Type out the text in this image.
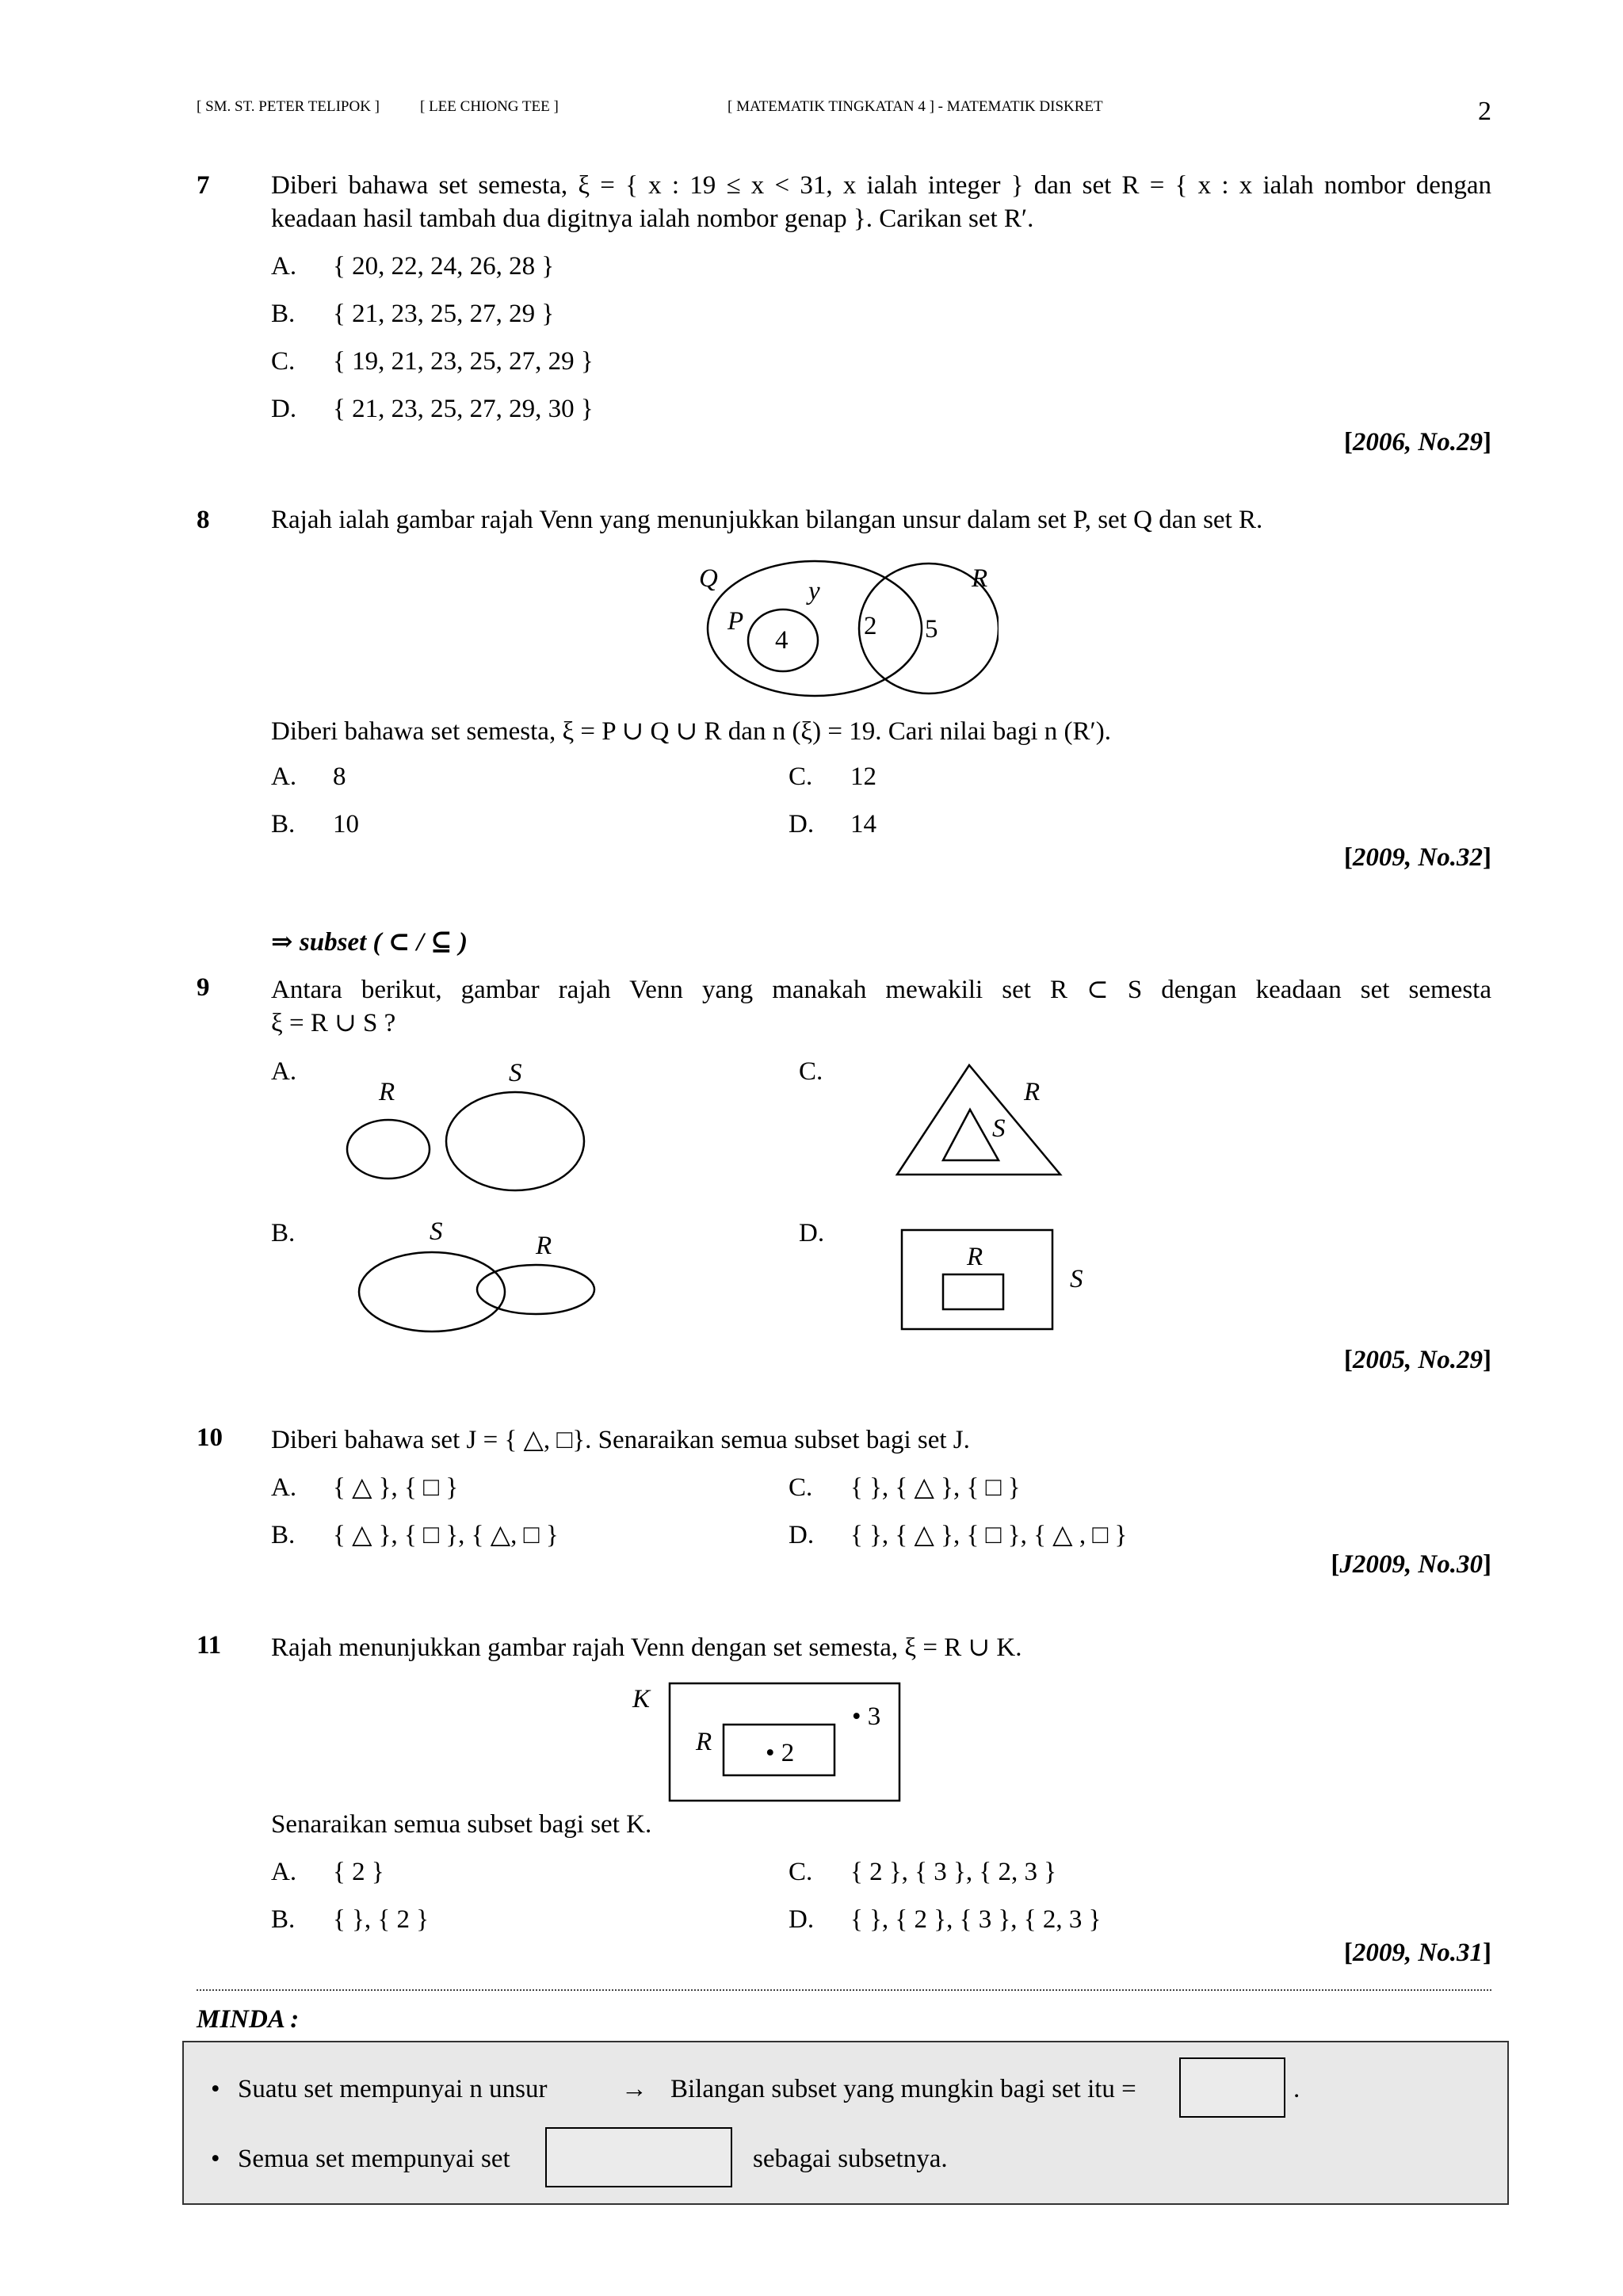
[ SM. ST. PETER TELIPOK ]	[ LEE CHIONG TEE ]	[ MATEMATIK TINGKATAN 4 ] - MATEMATIK DISKRET	2
7 Diberi bahawa set semesta, ξ = { x : 19 ≤ x < 31, x ialah integer } dan set R = { x : x ialah nombor dengan
keadaan hasil tambah dua digitnya ialah nombor genap }. Carikan set R′.
A. { 20, 22, 24, 26, 28 }
B. { 21, 23, 25, 27, 29 }
C. { 19, 21, 23, 25, 27, 29 }
D. { 21, 23, 25, 27, 29, 30 }
[2006, No.29]
8 Rajah ialah gambar rajah Venn yang menunjukkan bilangan unsur dalam set P, set Q dan set R.
Q	R
y
P
4	2 5
Diberi bahawa set semesta, ξ = P ∪ Q ∪ R dan n (ξ) = 19. Cari nilai bagi n (R′).
A. 8	C. 12
B. 10	D. 14
[2009, No.32]
⇒ subset ( ⊂ / ⊆ )
9 Antara berikut, gambar rajah Venn yang manakah mewakili set R ⊂ S dengan keadaan set semesta
ξ = R ∪ S ?
A.
R
S	C.
R
S
B.	S	R	D.
R
S
[2005, No.29]
10 Diberi bahawa set J = { △, □}. Senaraikan semua subset bagi set J.
A. { △ }, { □ }	C. { }, { △ }, { □ }
B. { △ }, { □ }, { △, □ }	D. { }, { △ }, { □ }, { △ , □ }
[J2009, No.30]
11 Rajah menunjukkan gambar rajah Venn dengan set semesta, ξ = R ∪ K.
K
R • 2
• 3
Senaraikan semua subset bagi set K.
A. { 2 }	C. { 2 }, { 3 }, { 2, 3 }
B. { }, { 2 }	D. { }, { 2 }, { 3 }, { 2, 3 }
[2009, No.31]
MINDA :
• Suatu set mempunyai n unsur	→ Bilangan subset yang mungkin bagi set itu =	.
• Semua set mempunyai set	sebagai subsetnya.
